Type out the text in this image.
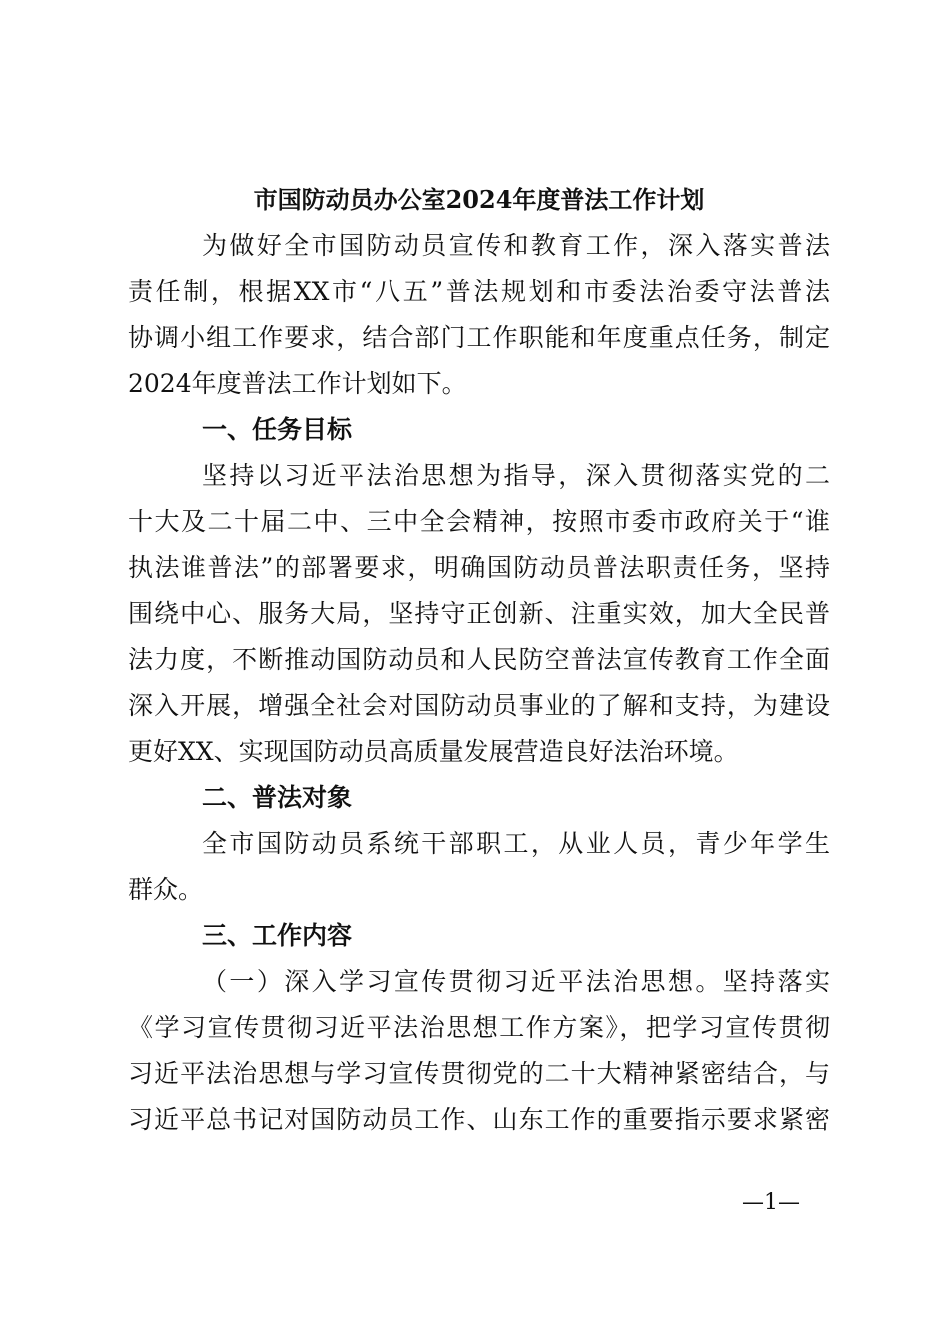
市国防动员办公室2024年度普法工作计划
为做好全市国防动员宣传和教育工作，深入落实普法
责任制，根据XX市“八五”普法规划和市委法治委守法普法
协调小组工作要求，结合部门工作职能和年度重点任务，制定
2024年度普法工作计划如下。
一、任务目标
坚持以习近平法治思想为指导，深入贯彻落实党的二
十大及二十届二中、三中全会精神，按照市委市政府关于“谁
执法谁普法”的部署要求，明确国防动员普法职责任务，坚持
围绕中心、服务大局，坚持守正创新、注重实效，加大全民普
法力度，不断推动国防动员和人民防空普法宣传教育工作全面
深入开展，增强全社会对国防动员事业的了解和支持，为建设
更好XX、实现国防动员高质量发展营造良好法治环境。
二、普法对象
全市国防动员系统干部职工，从业人员，青少年学生
群众。
三、工作内容
（一）深入学习宣传贯彻习近平法治思想。坚持落实
《学习宣传贯彻习近平法治思想工作方案》，把学习宣传贯彻
习近平法治思想与学习宣传贯彻党的二十大精神紧密结合，与
习近平总书记对国防动员工作、山东工作的重要指示要求紧密
—1—
